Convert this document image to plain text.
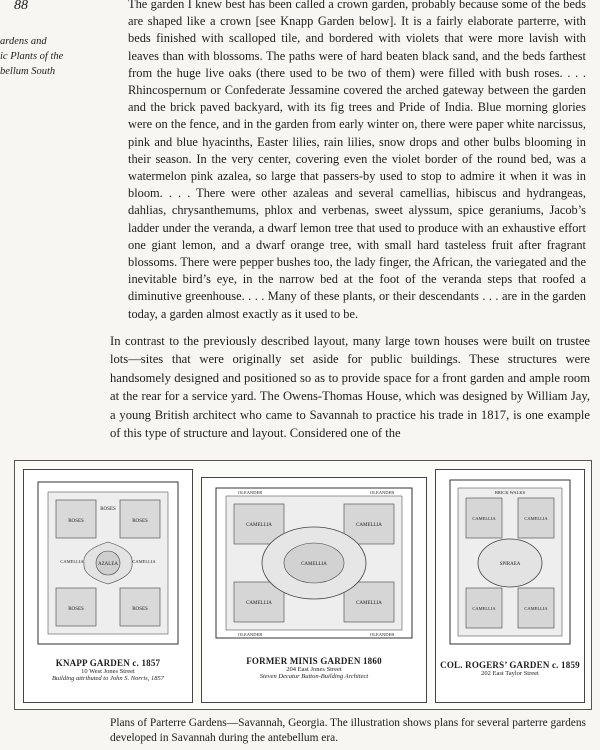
88
ardens and
ic Plants of the
bellum South
The garden I knew best has been called a crown garden, probably because some of the beds are shaped like a crown [see Knapp Garden below]. It is a fairly elaborate parterre, with beds finished with scalloped tile, and bordered with violets that were more lavish with leaves than with blossoms. The paths were of hard beaten black sand, and the beds farthest from the huge live oaks (there used to be two of them) were filled with bush roses. . . . Rhincospernum or Confederate Jessamine covered the arched gateway between the garden and the brick paved backyard, with its fig trees and Pride of India. Blue morning glories were on the fence, and in the garden from early winter on, there were paper white narcissus, pink and blue hyacinths, Easter lilies, rain lilies, snow drops and other bulbs blooming in their season. In the very center, covering even the violet border of the round bed, was a watermelon pink azalea, so large that passers-by used to stop to admire it when it was in bloom. . . . There were other azaleas and several camellias, hibiscus and hydrangeas, dahlias, chrysanthemums, phlox and verbenas, sweet alyssum, spice geraniums, Jacob’s ladder under the veranda, a dwarf lemon tree that used to produce with an exhaustive effort one giant lemon, and a dwarf orange tree, with small hard tasteless fruit after fragrant blossoms. There were pepper bushes too, the lady finger, the African, the variegated and the inevitable bird’s eye, in the narrow bed at the foot of the veranda steps that roofed a diminutive greenhouse. . . . Many of these plants, or their descendants . . . are in the garden today, a garden almost exactly as it used to be.
In contrast to the previously described layout, many large town houses were built on trustee lots—sites that were originally set aside for public buildings. These structures were handsomely designed and positioned so as to provide space for a front garden and ample room at the rear for a service yard. The Owens-Thomas House, which was designed by William Jay, a young British architect who came to Savannah to practice his trade in 1817, is one example of this type of structure and layout. Considered one of the
ROSES	ROSES
AZALEA
CAMELLIA	CAMELLIA
ROSES
ROSES	ROSES
KNAPP GARDEN c. 1857
10 West Jones Street
Building attributed to John S. Norris, 1857
OLEANDER	OLEANDER
CAMELLIA	CAMELLIA
CAMELLIA
CAMELLIA	CAMELLIA
OLEANDER	OLEANDER
FORMER MINIS GARDEN 1860
204 East Jones Street
Steven Decatur Button-Building Architect
BRICK WALKS
CAMELLIA	CAMELLIA
SPIRAEA
CAMELLIA	CAMELLIA
COL. ROGERS’ GARDEN c. 1859
202 East Taylor Street
Plans of Parterre Gardens—Savannah, Georgia. The illustration shows plans for several parterre gardens developed in Savannah during the antebellum era.
